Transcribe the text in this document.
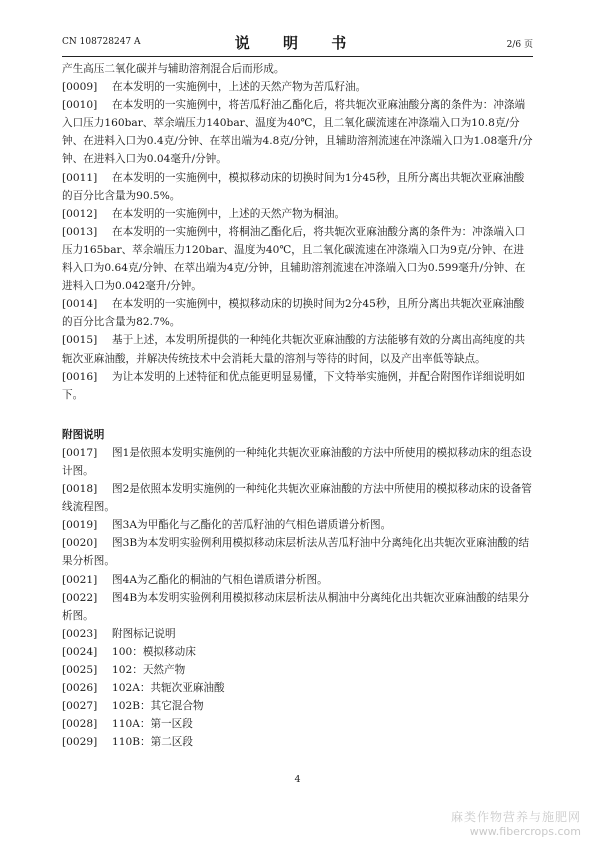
CN 108728247 A	说 明 书	2/6 页

产生高压二氧化碳并与辅助溶剂混合后而形成。

[0009] 在本发明的一实施例中，上述的天然产物为苦瓜籽油。

[0010] 在本发明的一实施例中，将苦瓜籽油乙酯化后，将共轭次亚麻油酸分离的条件为：冲涤端入口压力160bar、萃余端压力140bar、温度为40℃，且二氧化碳流速在冲涤端入口为10.8克/分钟、在进料入口为0.4克/分钟、在萃出端为4.8克/分钟，且辅助溶剂流速在冲涤端入口为1.08毫升/分钟、在进料入口为0.04毫升/分钟。

[0011] 在本发明的一实施例中，模拟移动床的切换时间为1分45秒，且所分离出共轭次亚麻油酸的百分比含量为90.5%。

[0012] 在本发明的一实施例中，上述的天然产物为桐油。

[0013] 在本发明的一实施例中，将桐油乙酯化后，将共轭次亚麻油酸分离的条件为：冲涤端入口压力165bar、萃余端压力120bar、温度为40℃，且二氧化碳流速在冲涤端入口为9克/分钟、在进料入口为0.64克/分钟、在萃出端为4克/分钟，且辅助溶剂流速在冲涤端入口为0.599毫升/分钟、在进料入口为0.042毫升/分钟。

[0014] 在本发明的一实施例中，模拟移动床的切换时间为2分45秒，且所分离出共轭次亚麻油酸的百分比含量为82.7%。

[0015] 基于上述，本发明所提供的一种纯化共轭次亚麻油酸的方法能够有效的分离出高纯度的共轭次亚麻油酸，并解决传统技术中会消耗大量的溶剂与等待的时间，以及产出率低等缺点。

[0016] 为让本发明的上述特征和优点能更明显易懂，下文特举实施例，并配合附图作详细说明如下。

附图说明

[0017] 图1是依照本发明实施例的一种纯化共轭次亚麻油酸的方法中所使用的模拟移动床的组态设计图。

[0018] 图2是依照本发明实施例的一种纯化共轭次亚麻油酸的方法中所使用的模拟移动床的设备管线流程图。

[0019] 图3A为甲酯化与乙酯化的苦瓜籽油的气相色谱质谱分析图。

[0020] 图3B为本发明实验例利用模拟移动床层析法从苦瓜籽油中分离纯化出共轭次亚麻油酸的结果分析图。

[0021] 图4A为乙酯化的桐油的气相色谱质谱分析图。

[0022] 图4B为本发明实验例利用模拟移动床层析法从桐油中分离纯化出共轭次亚麻油酸的结果分析图。

[0023] 附图标记说明

[0024] 100：模拟移动床

[0025] 102：天然产物

[0026] 102A：共轭次亚麻油酸

[0027] 102B：其它混合物

[0028] 110A：第一区段

[0029] 110B：第二区段

4
麻类作物营养与施肥网
www.fibercrops.com
